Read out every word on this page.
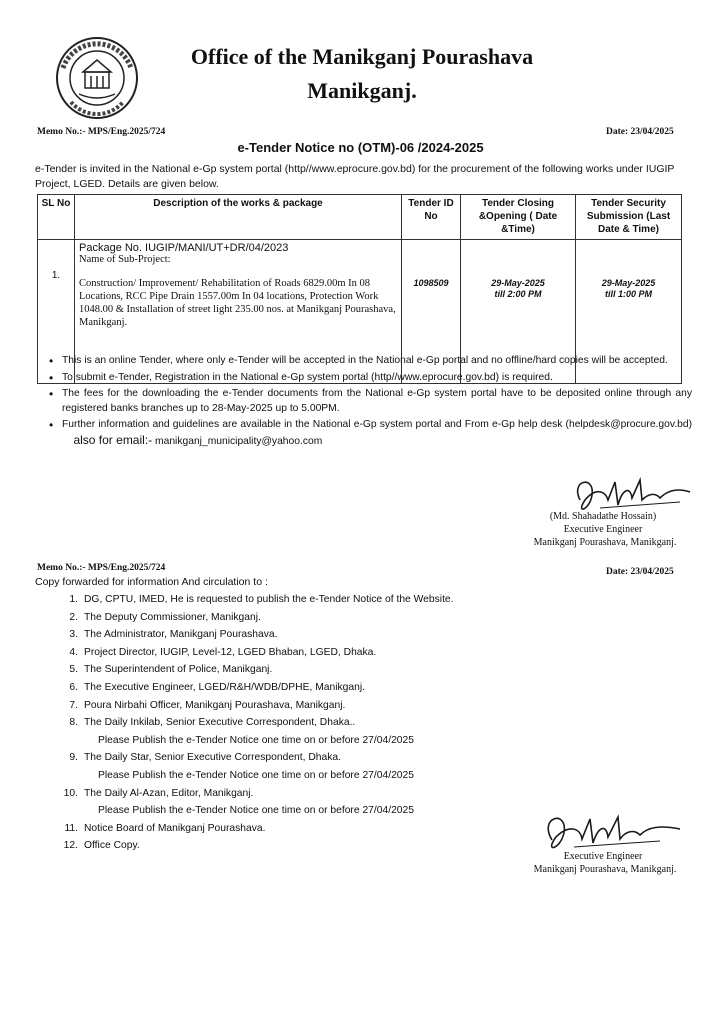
Office of the Manikganj Pourashava
Manikganj.
Memo No.:- MPS/Eng.2025/724	Date: 23/04/2025
e-Tender Notice no (OTM)-06 /2024-2025
e-Tender is invited in the National e-Gp system portal (http//www.eprocure.gov.bd) for the procurement of the following works under IUGIP Project, LGED. Details are given below.
SL No	Description of the works & package	Tender ID No	Tender Closing &Opening ( Date &Time)	Tender Security Submission (Last Date & Time)
1.	Package No. IUGIP/MANI/UT+DR/04/2023
Name of Sub-Project:
Construction/ Improvement/ Rehabilitation of Roads 6829.00m In 08 Locations, RCC Pipe Drain 1557.00m In 04 locations, Protection Work 1048.00 & Installation of street light 235.00 nos. at Manikganj Pourashava, Manikganj.	1098509	29-May-2025
till 2:00 PM	29-May-2025
till 1:00 PM
• This is an online Tender, where only e-Tender will be accepted in the National e-Gp portal and no offline/hard copies will be accepted.
• To submit e-Tender, Registration in the National e-Gp system portal (http//www.eprocure.gov.bd) is required.
• The fees for the downloading the e-Tender documents from the National e-Gp system portal have to be deposited online through any registered banks branches up to 28-May-2025 up to 5.00PM.
• Further information and guidelines are available in the National e-Gp system portal and From e-Gp help desk (helpdesk@procure.gov.bd)     also for email:- manikganj_municipality@yahoo.com
(Md. Shahadathe Hossain)
Executive Engineer
Manikganj Pourashava, Manikganj.
Memo No.:- MPS/Eng.2025/724	Date: 23/04/2025
Copy forwarded for information And circulation to :
1. DG, CPTU, IMED, He is requested to publish the e-Tender Notice of the Website.
2. The Deputy Commissioner, Manikganj.
3. The Administrator, Manikganj Pourashava.
4. Project Director, IUGIP, Level-12, LGED Bhaban, LGED, Dhaka.
5. The Superintendent of Police, Manikganj.
6. The Executive Engineer, LGED/R&H/WDB/DPHE, Manikganj.
7. Poura Nirbahi Officer, Manikganj Pourashava, Manikganj.
8. The Daily Inkilab, Senior Executive Correspondent, Dhaka..
Please Publish the e-Tender Notice one time on or before 27/04/2025
9. The Daily Star, Senior Executive Correspondent, Dhaka.
Please Publish the e-Tender Notice one time on or before 27/04/2025
10. The Daily Al-Azan, Editor, Manikganj.
Please Publish the e-Tender Notice one time on or before 27/04/2025
11. Notice Board of Manikganj Pourashava.
12. Office Copy.
Executive Engineer
Manikganj Pourashava, Manikganj.
